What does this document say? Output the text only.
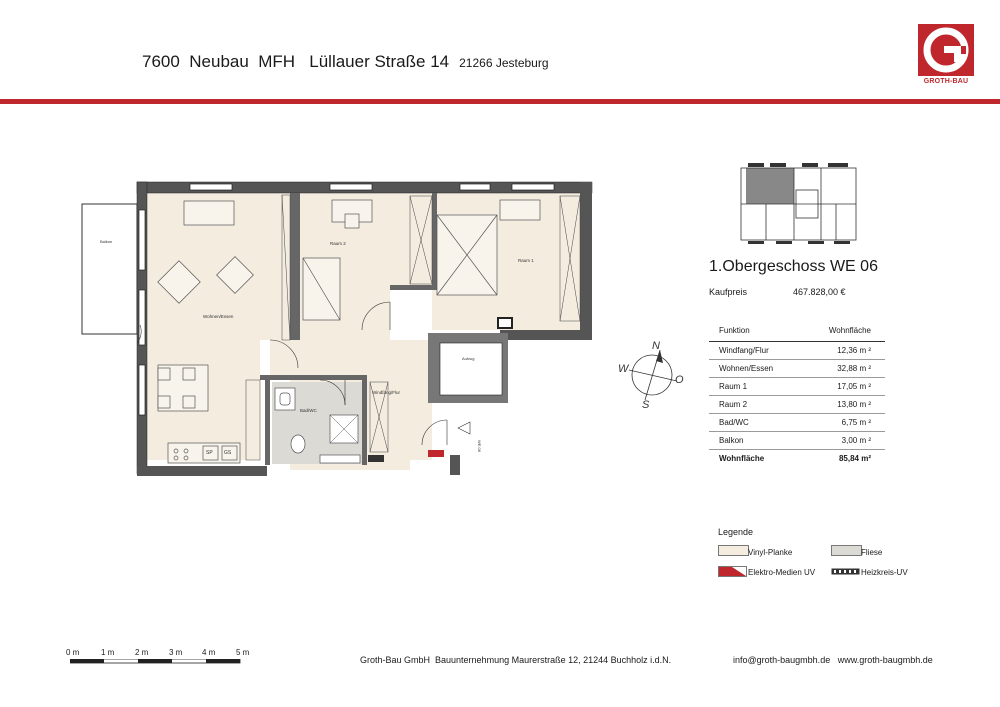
7600  Neubau  MFH   Lüllauer Straße 14 21266 Jesteburg
GROTH-BAU
Balkon
Aufzug
SP GS
Wohnen/Essen
Raum 2
Raum 1
Bad/WC
Windfang/Flur
WE 06
N
W
O
S
1.Obergeschoss WE 06
Kaufpreis	467.828,00 €
Funktion	Wohnfläche
Windfang/Flur	12,36 m ²
Wohnen/Essen	32,88 m ²
Raum 1	17,05 m ²
Raum 2	13,80 m ²
Bad/WC	6,75 m ²
Balkon	3,00 m ²
Wohnfläche	85,84 m²
Legende
Vinyl-Planke	Fliese
Elektro-Medien UV	Heizkreis-UV
0 m	1 m	2 m	3 m 4 m	5 m
Groth-Bau GmbH  Bauunternehmung Maurerstraße 12, 21244 Buchholz i.d.N.	info@groth-baugmbh.de   www.groth-baugmbh.de
